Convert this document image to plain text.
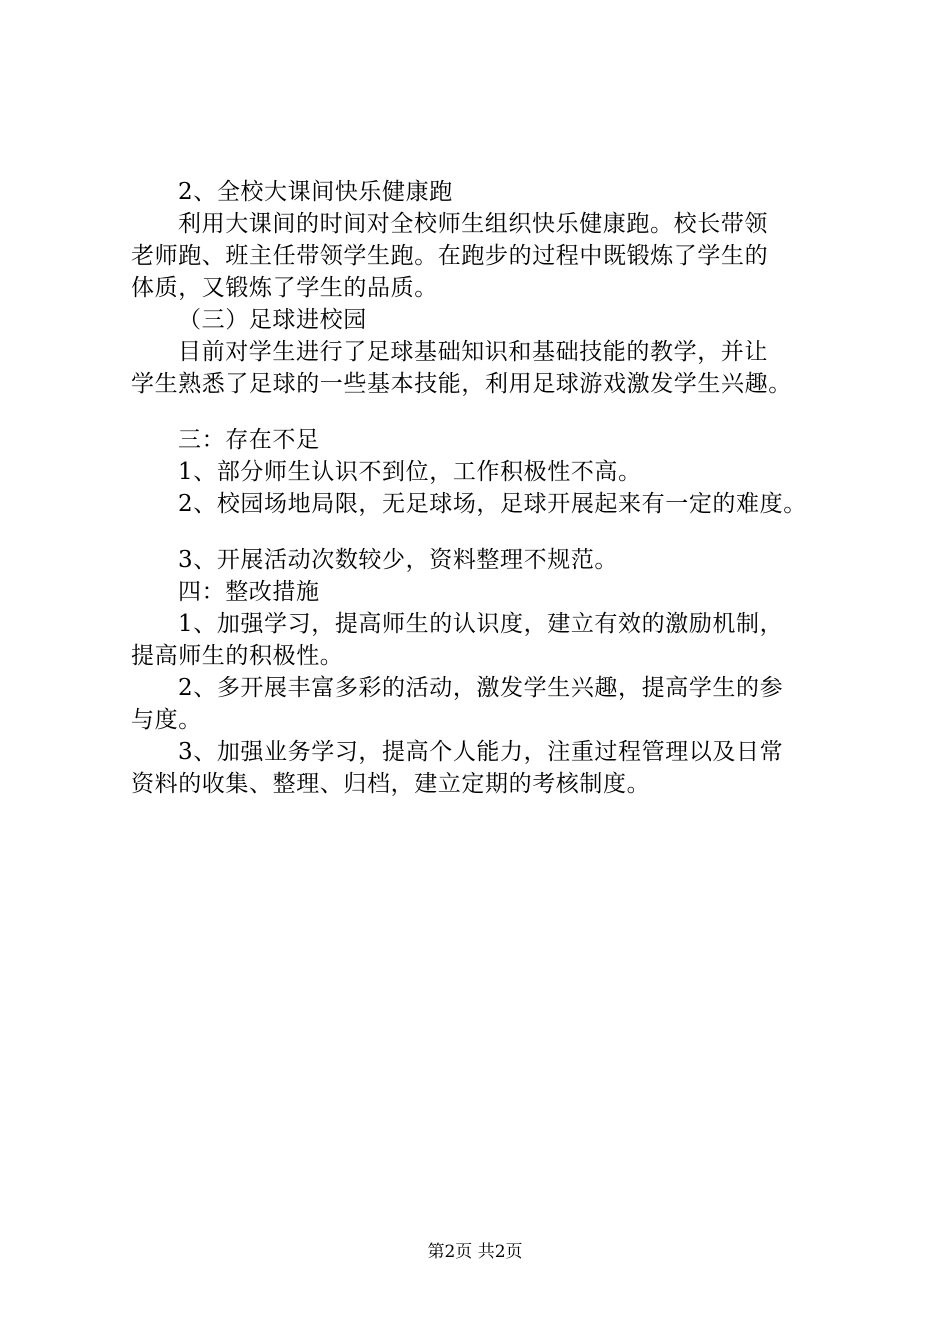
2、全校大课间快乐健康跑
利用大课间的时间对全校师生组织快乐健康跑。校长带领
老师跑、班主任带领学生跑。在跑步的过程中既锻炼了学生的
体质，又锻炼了学生的品质。
（三）足球进校园
目前对学生进行了足球基础知识和基础技能的教学，并让
学生熟悉了足球的一些基本技能，利用足球游戏激发学生兴趣。
三：存在不足
1、部分师生认识不到位，工作积极性不高。
2、校园场地局限，无足球场，足球开展起来有一定的难度。
3、开展活动次数较少，资料整理不规范。
四：整改措施
1、加强学习，提高师生的认识度，建立有效的激励机制，
提高师生的积极性。
2、多开展丰富多彩的活动，激发学生兴趣，提高学生的参
与度。
3、加强业务学习，提高个人能力，注重过程管理以及日常
资料的收集、整理、归档，建立定期的考核制度。
第2页 共2页
